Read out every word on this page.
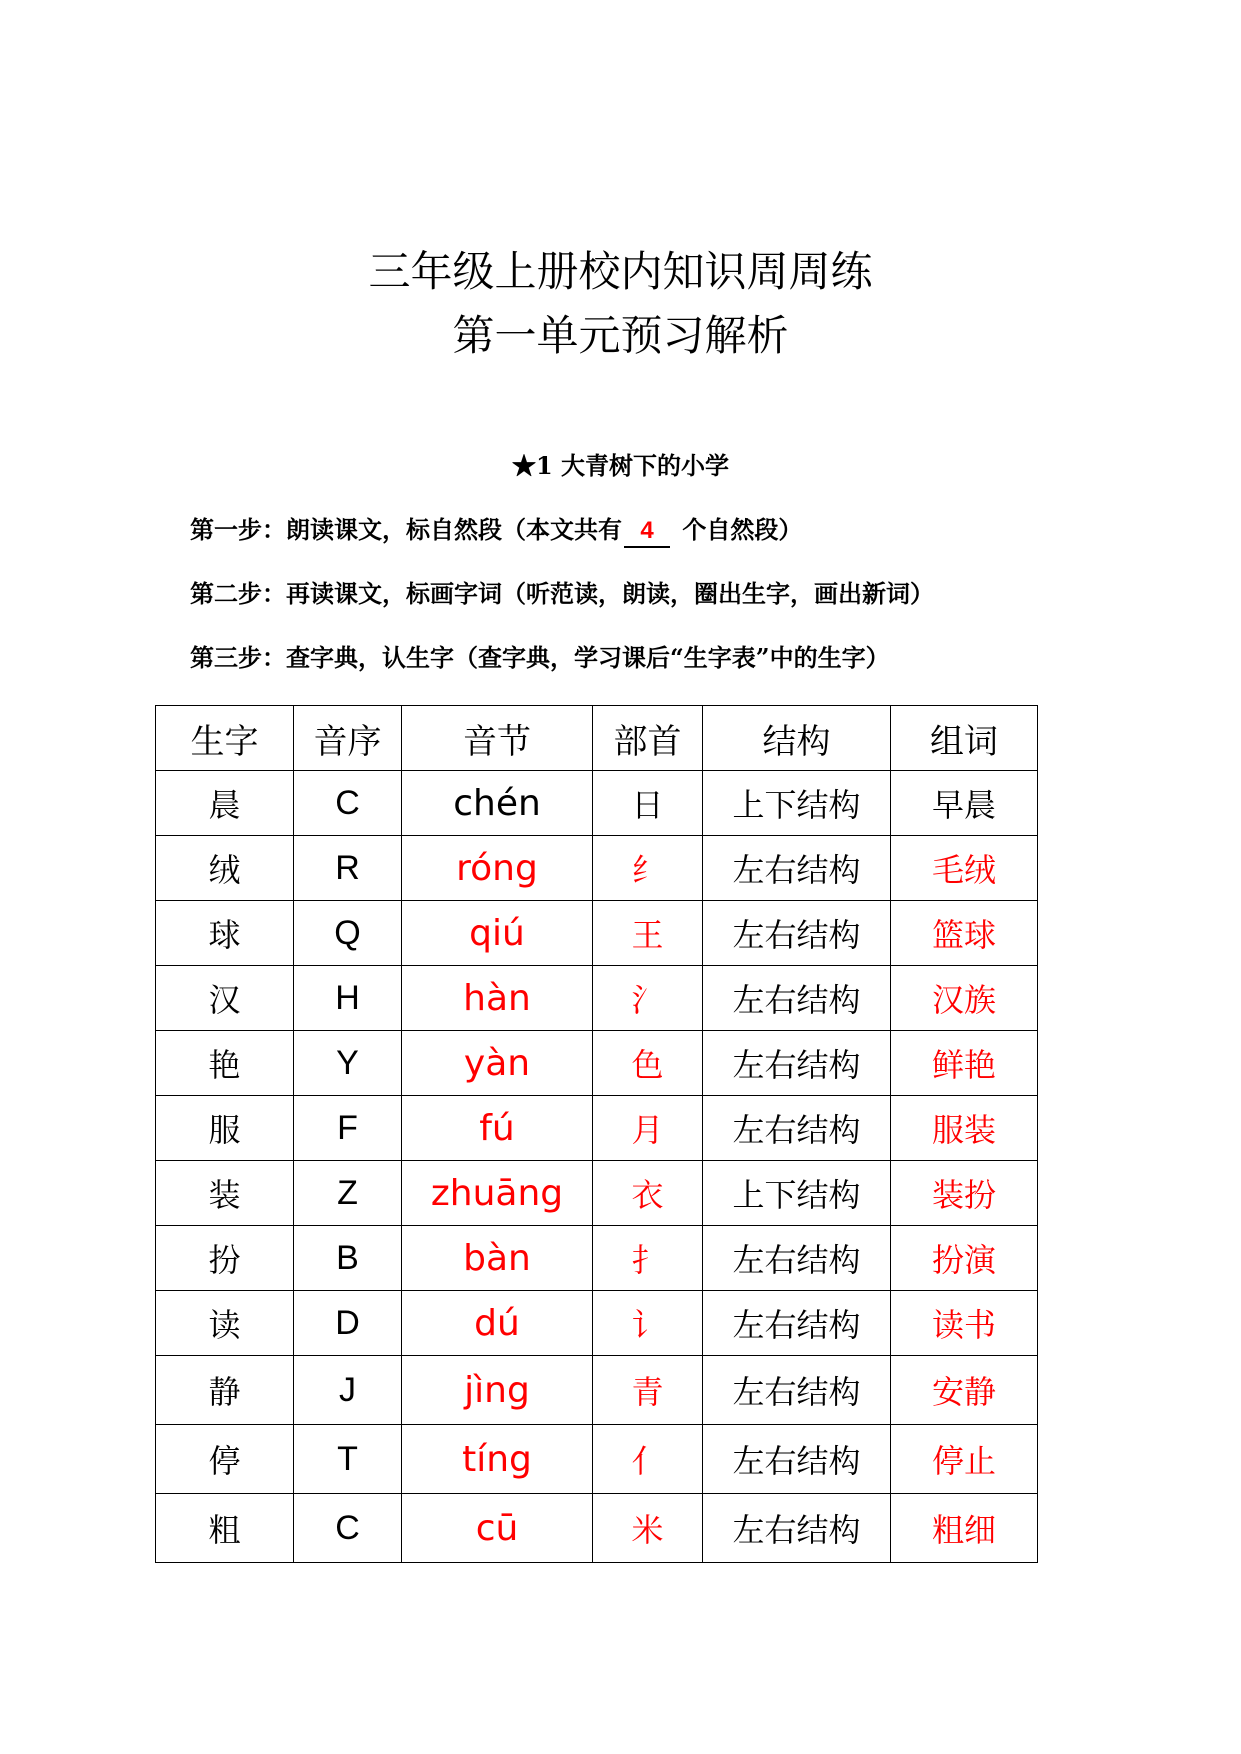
三年级上册校内知识周周练
第一单元预习解析
★1 大青树下的小学
第一步：朗读课文，标自然段（本文共有 4 个自然段）
第二步：再读课文，标画字词（听范读，朗读，圈出生字，画出新词）
第三步：查字典，认生字（查字典，学习课后“生字表”中的生字）
生字	音序	音节	部首	结构	组词
晨	C	chén	日	上下结构	早晨
绒	R	róng	纟	左右结构	毛绒
球	Q	qiú	王	左右结构	篮球
汉	H	hàn	氵	左右结构	汉族
艳	Y	yàn	色	左右结构	鲜艳
服	F	fú	月	左右结构	服装
装	Z	zhuāng	衣	上下结构	装扮
扮	B	bàn	扌	左右结构	扮演
读	D	dú	讠	左右结构	读书
静	J	jìng	青	左右结构	安静
停	T	tíng	亻	左右结构	停止
粗	C	cū	米	左右结构	粗细
